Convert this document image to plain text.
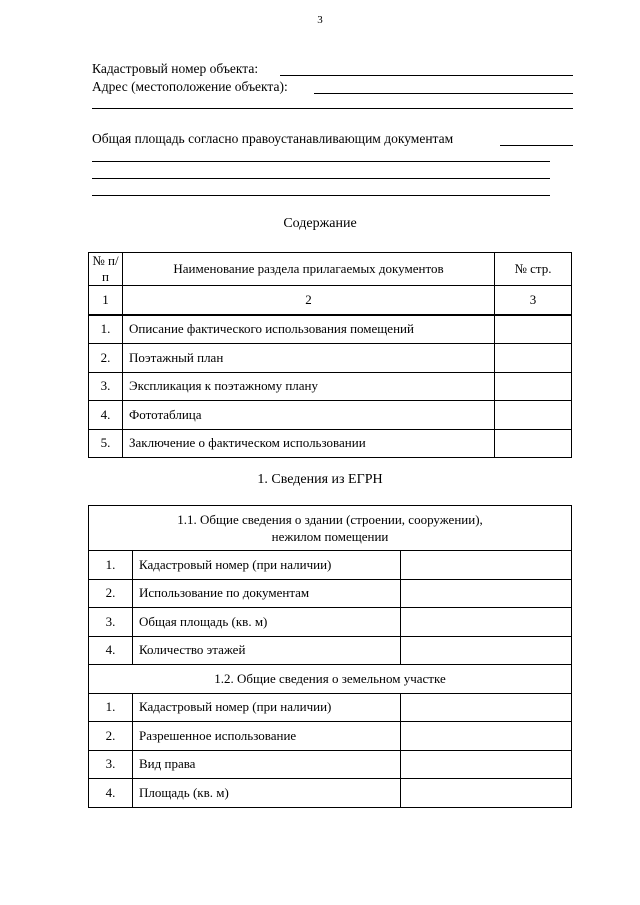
3
Кадастровый номер объекта:
Адрес (местоположение объекта):
Общая площадь согласно правоустанавливающим документам
Содержание
№ п/п	Наименование раздела прилагаемых документов	№ стр.
1	2	3
1.	Описание фактического использования помещений	
2.	Поэтажный план	
3.	Экспликация к поэтажному плану	
4.	Фототаблица	
5.	Заключение о фактическом использовании	
1. Сведения из ЕГРН
1.1. Общие сведения о здании (строении, сооружении),
нежилом помещении		
1.	Кадастровый номер (при наличии)	
2.	Использование по документам	
3.	Общая площадь (кв. м)	
4.	Количество этажей	
1.2. Общие сведения о земельном участке		
1.	Кадастровый номер (при наличии)	
2.	Разрешенное использование	
3.	Вид права	
4.	Площадь (кв. м)	
